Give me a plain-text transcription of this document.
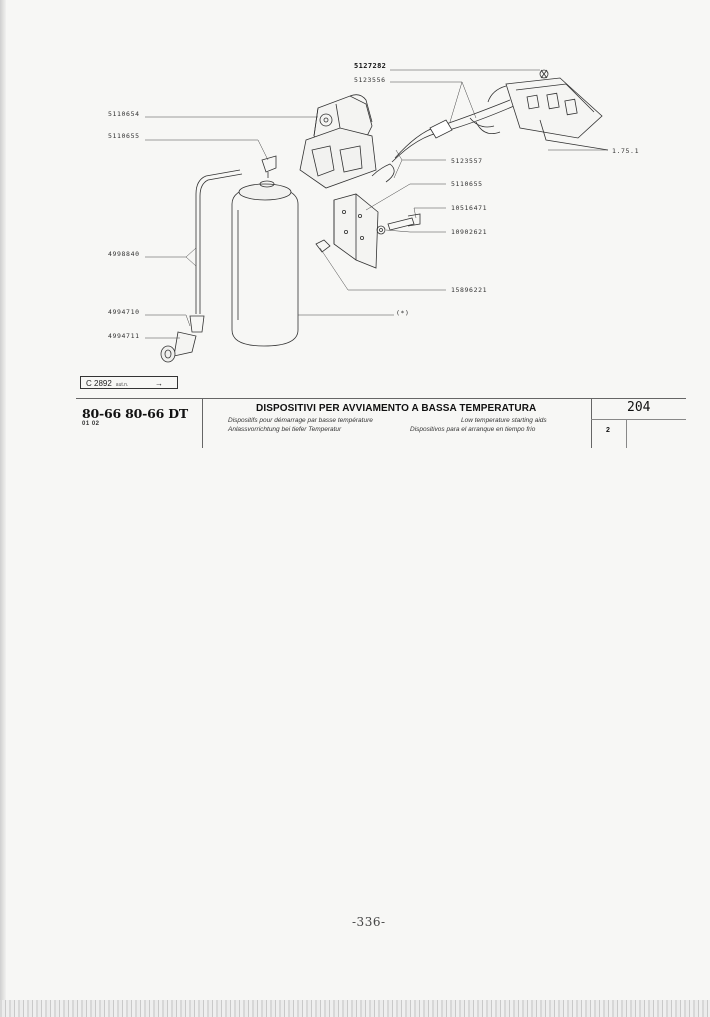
5127282
5123556
5110654
5110655
1.75.1
5123557
5110655
10516471
10902621
4998840
15896221
(*)
4994710
4994711
C 2892 aut.n.	→
80-66 80-66 DT
01 02
DISPOSITIVI PER AVVIAMENTO A BASSA TEMPERATURA
Dispositifs pour démarrage par basse température	Low temperature starting aids
Anlassvorrichtung bei tiefer Temperatur	Dispositivos para el arranque en tiempo frio
204
2
-336-
